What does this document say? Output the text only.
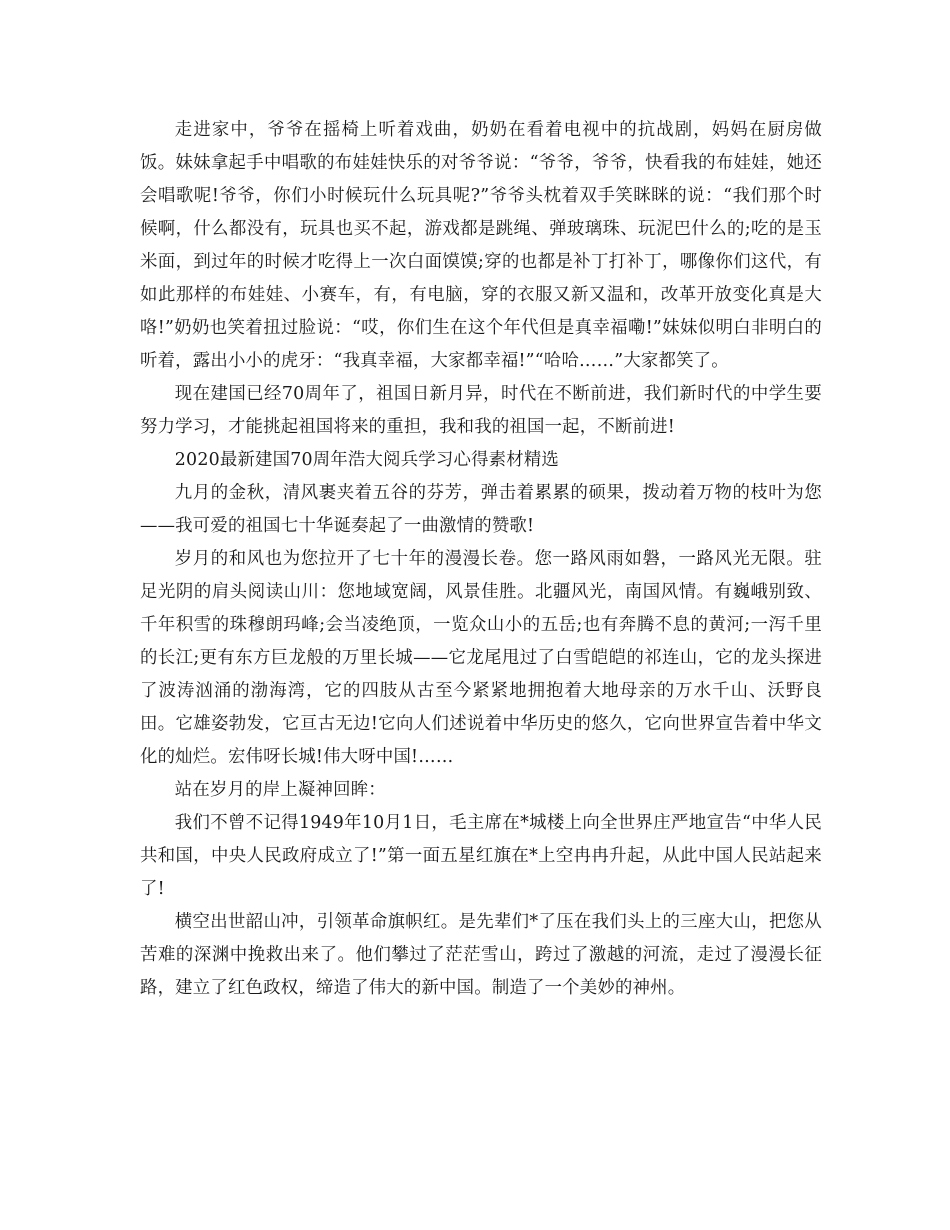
走进家中，爷爷在摇椅上听着戏曲，奶奶在看着电视中的抗战剧，妈妈在厨房做饭。妹妹拿起手中唱歌的布娃娃快乐的对爷爷说：“爷爷，爷爷，快看我的布娃娃，她还会唱歌呢!爷爷，你们小时候玩什么玩具呢?”爷爷头枕着双手笑眯眯的说：“我们那个时候啊，什么都没有，玩具也买不起，游戏都是跳绳、弹玻璃珠、玩泥巴什么的;吃的是玉米面，到过年的时候才吃得上一次白面馍馍;穿的也都是补丁打补丁，哪像你们这代，有如此那样的布娃娃、小赛车，有，有电脑，穿的衣服又新又温和，改革开放变化真是大咯!”奶奶也笑着扭过脸说：“哎，你们生在这个年代但是真幸福嘞!”妹妹似明白非明白的听着，露出小小的虎牙：“我真幸福，大家都幸福!”“哈哈……”大家都笑了。

现在建国已经70周年了，祖国日新月异，时代在不断前进，我们新时代的中学生要努力学习，才能挑起祖国将来的重担，我和我的祖国一起，不断前进!

2020最新建国70周年浩大阅兵学习心得素材精选

九月的金秋，清风裹夹着五谷的芬芳，弹击着累累的硕果，拨动着万物的枝叶为您——我可爱的祖国七十华诞奏起了一曲激情的赞歌!

岁月的和风也为您拉开了七十年的漫漫长卷。您一路风雨如磐，一路风光无限。驻足光阴的肩头阅读山川：您地域宽阔，风景佳胜。北疆风光，南国风情。有巍峨别致、千年积雪的珠穆朗玛峰;会当凌绝顶，一览众山小的五岳;也有奔腾不息的黄河;一泻千里的长江;更有东方巨龙般的万里长城——它龙尾甩过了白雪皑皑的祁连山，它的龙头探进了波涛汹涌的渤海湾，它的四肢从古至今紧紧地拥抱着大地母亲的万水千山、沃野良田。它雄姿勃发，它亘古无边!它向人们述说着中华历史的悠久，它向世界宣告着中华文化的灿烂。宏伟呀长城!伟大呀中国!……

站在岁月的岸上凝神回眸：

我们不曾不记得1949年10月1日，毛主席在*城楼上向全世界庄严地宣告“中华人民共和国，中央人民政府成立了!”第一面五星红旗在*上空冉冉升起，从此中国人民站起来了!

横空出世韶山冲，引领革命旗帜红。是先辈们*了压在我们头上的三座大山，把您从苦难的深渊中挽救出来了。他们攀过了茫茫雪山，跨过了激越的河流，走过了漫漫长征路，建立了红色政权，缔造了伟大的新中国。制造了一个美妙的神州。
